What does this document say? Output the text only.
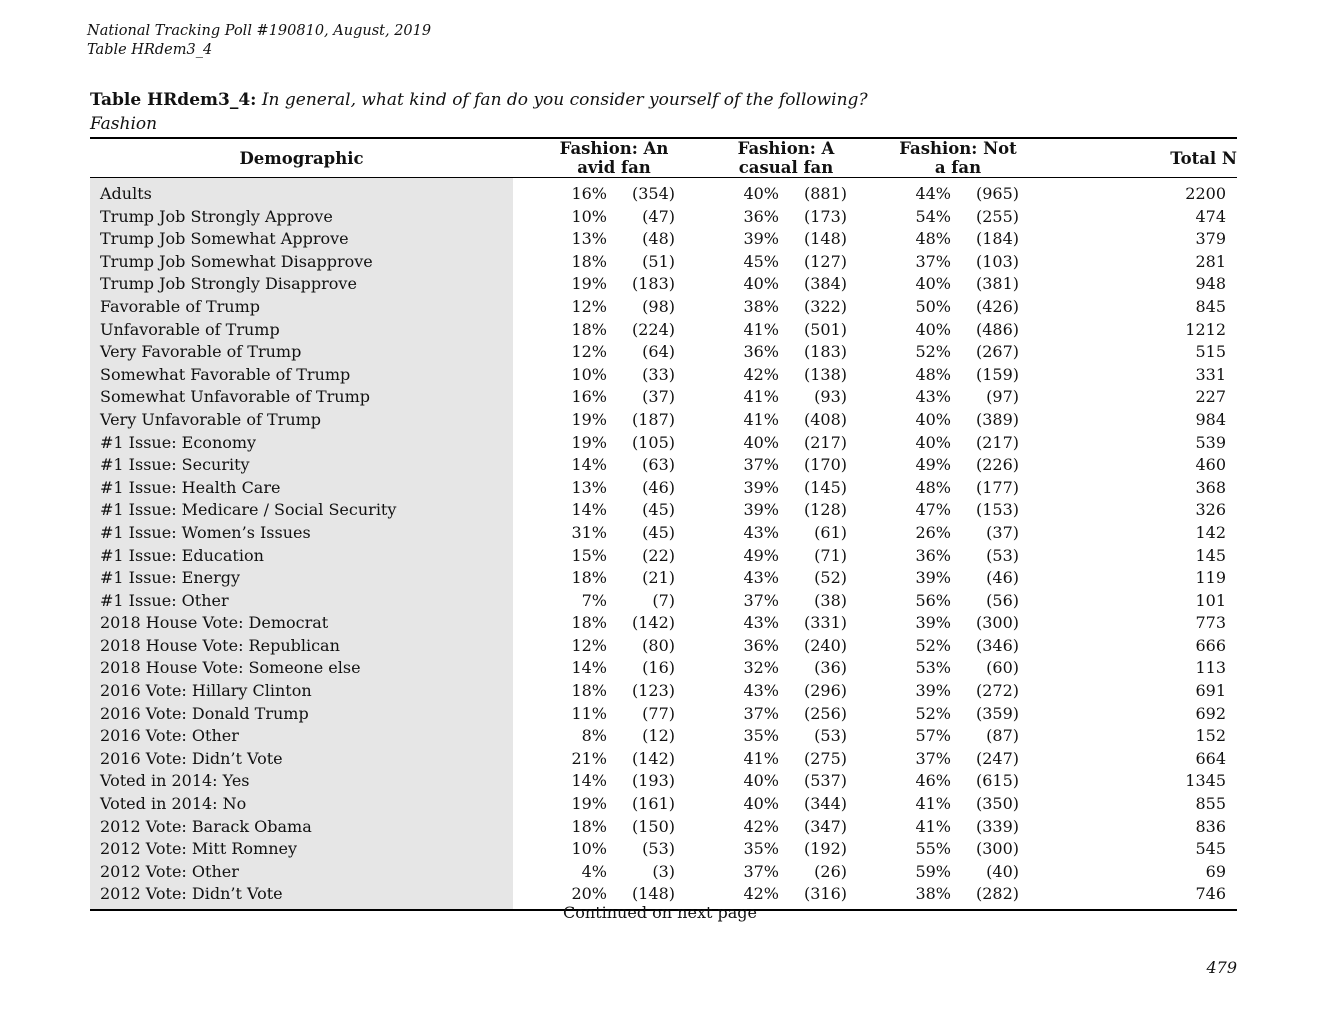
National Tracking Poll #190810, August, 2019
Table HRdem3_4
Table HRdem3_4: In general, what kind of fan do you consider yourself of the following?
Fashion
Demographic		Fashion: An avid fan			Fashion: A casual fan			Fashion: Not a fan		Total N

Adults		16%	(354)		40%	(881)		44%	(965)	2200
Trump Job Strongly Approve		10%	(47)		36%	(173)		54%	(255)	474
Trump Job Somewhat Approve		13%	(48)		39%	(148)		48%	(184)	379
Trump Job Somewhat Disapprove		18%	(51)		45%	(127)		37%	(103)	281
Trump Job Strongly Disapprove		19%	(183)		40%	(384)		40%	(381)	948
Favorable of Trump		12%	(98)		38%	(322)		50%	(426)	845
Unfavorable of Trump		18%	(224)		41%	(501)		40%	(486)	1212
Very Favorable of Trump		12%	(64)		36%	(183)		52%	(267)	515
Somewhat Favorable of Trump		10%	(33)		42%	(138)		48%	(159)	331
Somewhat Unfavorable of Trump		16%	(37)		41%	(93)		43%	(97)	227
Very Unfavorable of Trump		19%	(187)		41%	(408)		40%	(389)	984
#1 Issue: Economy		19%	(105)		40%	(217)		40%	(217)	539
#1 Issue: Security		14%	(63)		37%	(170)		49%	(226)	460
#1 Issue: Health Care		13%	(46)		39%	(145)		48%	(177)	368
#1 Issue: Medicare / Social Security		14%	(45)		39%	(128)		47%	(153)	326
#1 Issue: Women’s Issues		31%	(45)		43%	(61)		26%	(37)	142
#1 Issue: Education		15%	(22)		49%	(71)		36%	(53)	145
#1 Issue: Energy		18%	(21)		43%	(52)		39%	(46)	119
#1 Issue: Other		7%	(7)		37%	(38)		56%	(56)	101
2018 House Vote: Democrat		18%	(142)		43%	(331)		39%	(300)	773
2018 House Vote: Republican		12%	(80)		36%	(240)		52%	(346)	666
2018 House Vote: Someone else		14%	(16)		32%	(36)		53%	(60)	113
2016 Vote: Hillary Clinton		18%	(123)		43%	(296)		39%	(272)	691
2016 Vote: Donald Trump		11%	(77)		37%	(256)		52%	(359)	692
2016 Vote: Other		8%	(12)		35%	(53)		57%	(87)	152
2016 Vote: Didn’t Vote		21%	(142)		41%	(275)		37%	(247)	664
Voted in 2014: Yes		14%	(193)		40%	(537)		46%	(615)	1345
Voted in 2014: No		19%	(161)		40%	(344)		41%	(350)	855
2012 Vote: Barack Obama		18%	(150)		42%	(347)		41%	(339)	836
2012 Vote: Mitt Romney		10%	(53)		35%	(192)		55%	(300)	545
2012 Vote: Other		4%	(3)		37%	(26)		59%	(40)	69
2012 Vote: Didn’t Vote		20%	(148)		42%	(316)		38%	(282)	746

Continued on next page
479
